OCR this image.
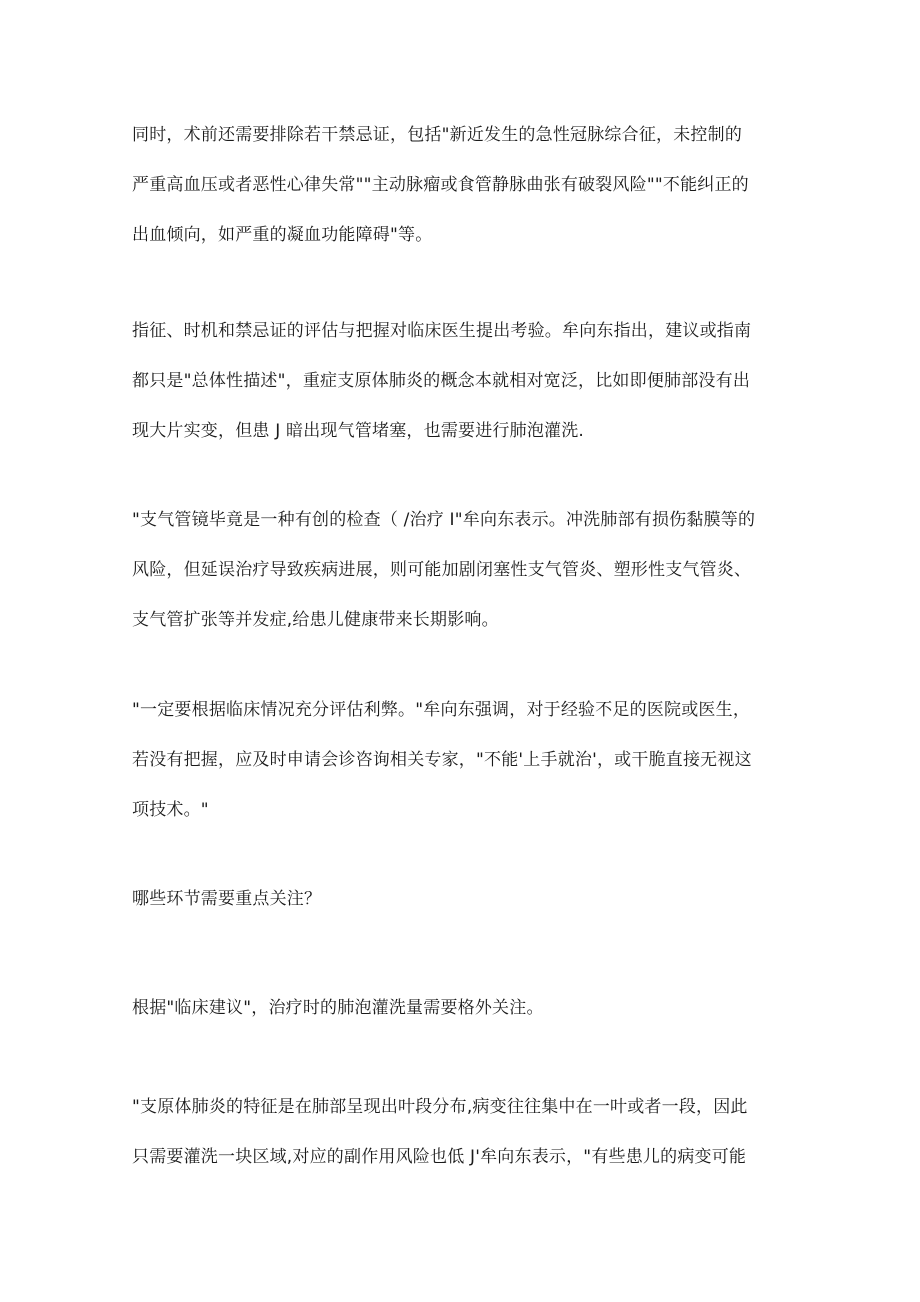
同时，术前还需要排除若干禁忌证，包括"新近发生的急性冠脉综合征，未控制的
严重高血压或者恶性心律失常""主动脉瘤或食管静脉曲张有破裂风险""不能纠正的
出血倾向，如严重的凝血功能障碍"等。

指征、时机和禁忌证的评估与把握对临床医生提出考验。牟向东指出，建议或指南
都只是"总体性描述"，重症支原体肺炎的概念本就相对宽泛，比如即便肺部没有出
现大片实变，但患 J 暗出现气管堵塞，也需要进行肺泡灌洗.

"支气管镜毕竟是一种有创的检查（ /治疗 I"牟向东表示。冲洗肺部有损伤黏膜等的
风险，但延误治疗导致疾病进展，则可能加剧闭塞性支气管炎、塑形性支气管炎、
支气管扩张等并发症,给患儿健康带来长期影响。

"一定要根据临床情况充分评估利弊。"牟向东强调，对于经验不足的医院或医生，
若没有把握，应及时申请会诊咨询相关专家，"不能'上手就治'，或干脆直接无视这
项技术。"

哪些环节需要重点关注？

根据"临床建议"，治疗时的肺泡灌洗量需要格外关注。

"支原体肺炎的特征是在肺部呈现出叶段分布,病变往往集中在一叶或者一段，因此
只需要灌洗一块区域,对应的副作用风险也低 J'牟向东表示，"有些患儿的病变可能
